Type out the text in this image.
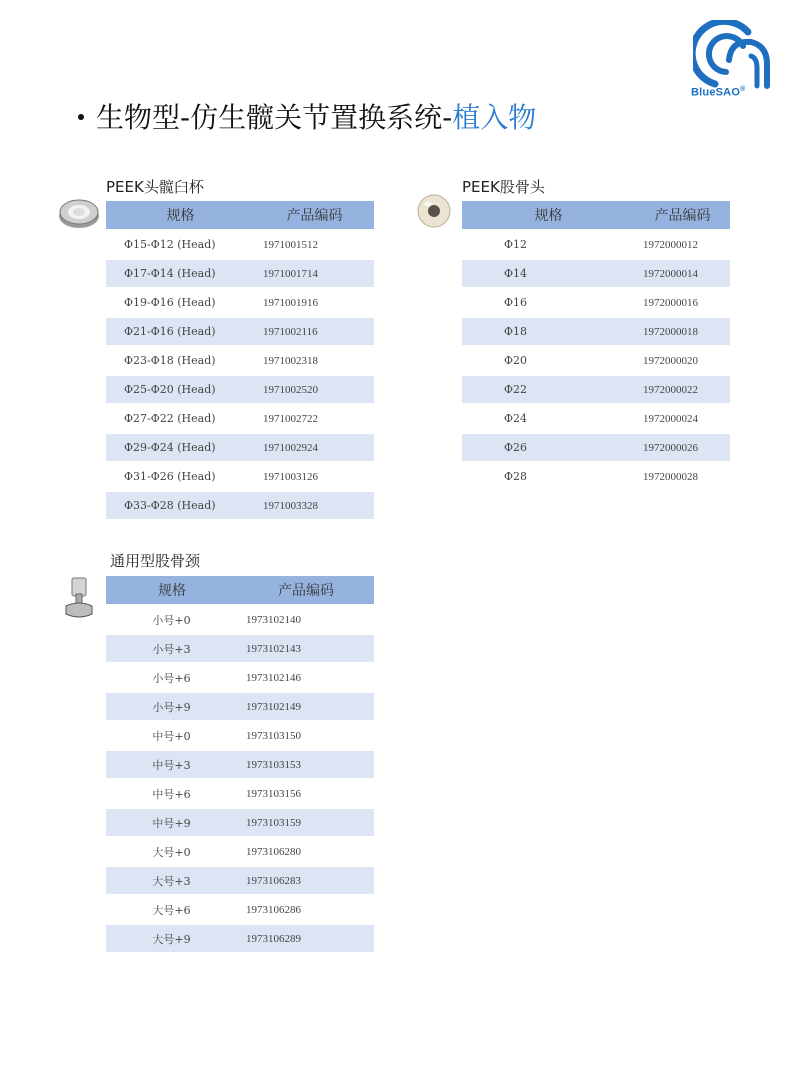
BlueSAO®
生物型-仿生髋关节置换系统-植入物
PEEK头髋臼杯
规格	产品编码
Φ15-Φ12 (Head)	1971001512
Φ17-Φ14 (Head)	1971001714
Φ19-Φ16 (Head)	1971001916
Φ21-Φ16 (Head)	1971002116
Φ23-Φ18 (Head)	1971002318
Φ25-Φ20 (Head)	1971002520
Φ27-Φ22 (Head)	1971002722
Φ29-Φ24 (Head)	1971002924
Φ31-Φ26 (Head)	1971003126
Φ33-Φ28 (Head)	1971003328
PEEK股骨头
规格	产品编码
Φ12	1972000012
Φ14	1972000014
Φ16	1972000016
Φ18	1972000018
Φ20	1972000020
Φ22	1972000022
Φ24	1972000024
Φ26	1972000026
Φ28	1972000028
通用型股骨颈
规格	产品编码
小号+0	1973102140
小号+3	1973102143
小号+6	1973102146
小号+9	1973102149
中号+0	1973103150
中号+3	1973103153
中号+6	1973103156
中号+9	1973103159
大号+0	1973106280
大号+3	1973106283
大号+6	1973106286
大号+9	1973106289
